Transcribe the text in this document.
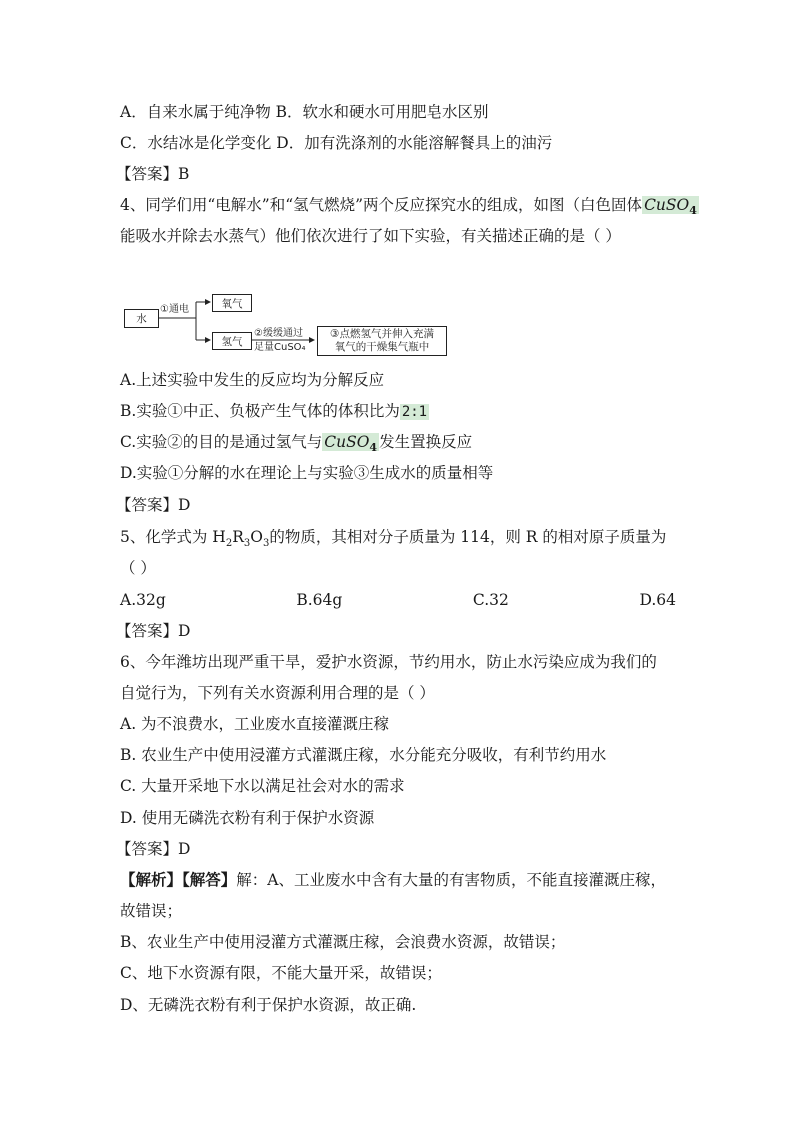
A．自来水属于纯净物 B．软水和硬水可用肥皂水区别
C．水结冰是化学变化 D．加有洗涤剂的水能溶解餐具上的油污
【答案】B
4、同学们用“电解水”和“氢气燃烧”两个反应探究水的组成，如图（白色固体 CuSO$_4$
能吸水并除去水蒸气）他们依次进行了如下实验，有关描述正确的是（ ）
A.上述实验中发生的反应均为分解反应
B.实验①中正、负极产生气体的体积比为 2:1
C.实验②的目的是通过氢气与 CuSO$_4$ 发生置换反应
D.实验①分解的水在理论上与实验③生成水的质量相等
【答案】D
5、化学式为 $H_2R_3O_3$的物质，其相对分子质量为 114，则 R 的相对原子质量为
（ ）
A.32g	B.64g	C.32	D.64
【答案】D
6、今年潍坊出现严重干旱，爱护水资源，节约用水，防止水污染应成为我们的
自觉行为，下列有关水资源利用合理的是（ ）
A. 为不浪费水，工业废水直接灌溉庄稼
B. 农业生产中使用浸灌方式灌溉庄稼，水分能充分吸收，有利节约用水
C. 大量开采地下水以满足社会对水的需求
D. 使用无磷洗衣粉有利于保护水资源
【答案】D
【解析】【解答】解：A、工业废水中含有大量的有害物质，不能直接灌溉庄稼，
故错误；
B、农业生产中使用浸灌方式灌溉庄稼，会浪费水资源，故错误；
C、地下水资源有限，不能大量开采，故错误；
D、无磷洗衣粉有利于保护水资源，故正确.
水
①通电	氧气
氢气
②缓缓通过
足量CuSO₄
③点燃氢气并伸入充满
氧气的干燥集气瓶中
